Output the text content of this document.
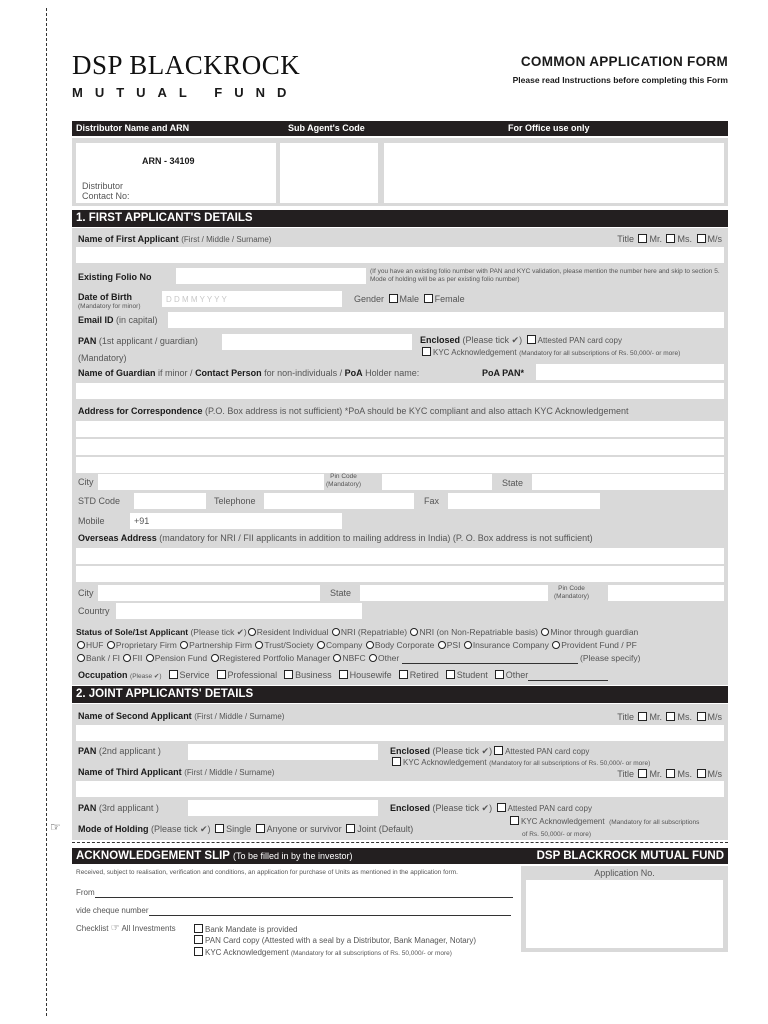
DSP BLACKROCK
MUTUAL FUND
COMMON APPLICATION FORM
Please read Instructions before completing this Form
Distributor Name and ARN	Sub Agent's Code	For Office use only
ARN - 34109
Distributor
Contact No:
1. FIRST APPLICANT'S DETAILS
Name of First Applicant (First / Middle / Surname)	Title Mr. Ms. M/s
Existing Folio No
(If you have an existing folio number with PAN and KYC validation, please mention the number here and skip to section 5. Mode of holding will be as per existing folio number)
Date of Birth
(Mandatory for minor)
D D M M Y Y Y Y	Gender Male Female
Email ID (in capital)
PAN (1st applicant / guardian)
(Mandatory)
Enclosed (Please tick ✔) Attested PAN card copy
KYC Acknowledgement (Mandatory for all subscriptions of Rs. 50,000/- or more)
Name of Guardian if minor / Contact Person for non-individuals / PoA Holder name:	PoA PAN*
Address for Correspondence (P.O. Box address is not sufficient) *PoA should be KYC compliant and also attach KYC Acknowledgement
City
Pin Code
(Mandatory)	State
STD Code	Telephone	Fax
Mobile	+91
Overseas Address (mandatory for NRI / FII applicants in addition to mailing address in India) (P. O. Box address is not sufficient)
City	State	Pin Code
(Mandatory)
Country
Status of Sole/1st Applicant (Please tick ✔) Resident Individual NRI (Repatriable) NRI (on Non-Repatriable basis) Minor through guardian
HUF Proprietary Firm Partnership Firm Trust/Society Company Body Corporate PSI Insurance Company Provident Fund / PF
Bank / FI FII Pension Fund Registered Portfolio Manager NBFC Other	(Please specify)
Occupation (Please ✔) Service Professional Business Housewife Retired Student Other
2. JOINT APPLICANTS' DETAILS
Name of Second Applicant (First / Middle / Surname)	Title Mr. Ms. M/s
PAN (2nd applicant )	Enclosed (Please tick ✔) Attested PAN card copy
KYC Acknowledgement (Mandatory for all subscriptions of Rs. 50,000/- or more)
Name of Third Applicant (First / Middle / Surname)	Title Mr. Ms. M/s
PAN (3rd applicant )	Enclosed (Please tick ✔) Attested PAN card copy
KYC Acknowledgement (Mandatory for all subscriptions
of Rs. 50,000/- or more)
☞ Mode of Holding (Please tick ✔) Single Anyone or survivor Joint (Default)
ACKNOWLEDGEMENT SLIP (To be filled in by the investor)	DSP BLACKROCK MUTUAL FUND
Received, subject to realisation, verification and conditions, an application for purchase of Units as mentioned in the application form.
From
vide cheque number
Application No.
Checklist ☞ All Investments	Bank Mandate is provided
PAN Card copy (Attested with a seal by a Distributor, Bank Manager, Notary)
KYC Acknowledgement (Mandatory for all subscriptions of Rs. 50,000/- or more)
